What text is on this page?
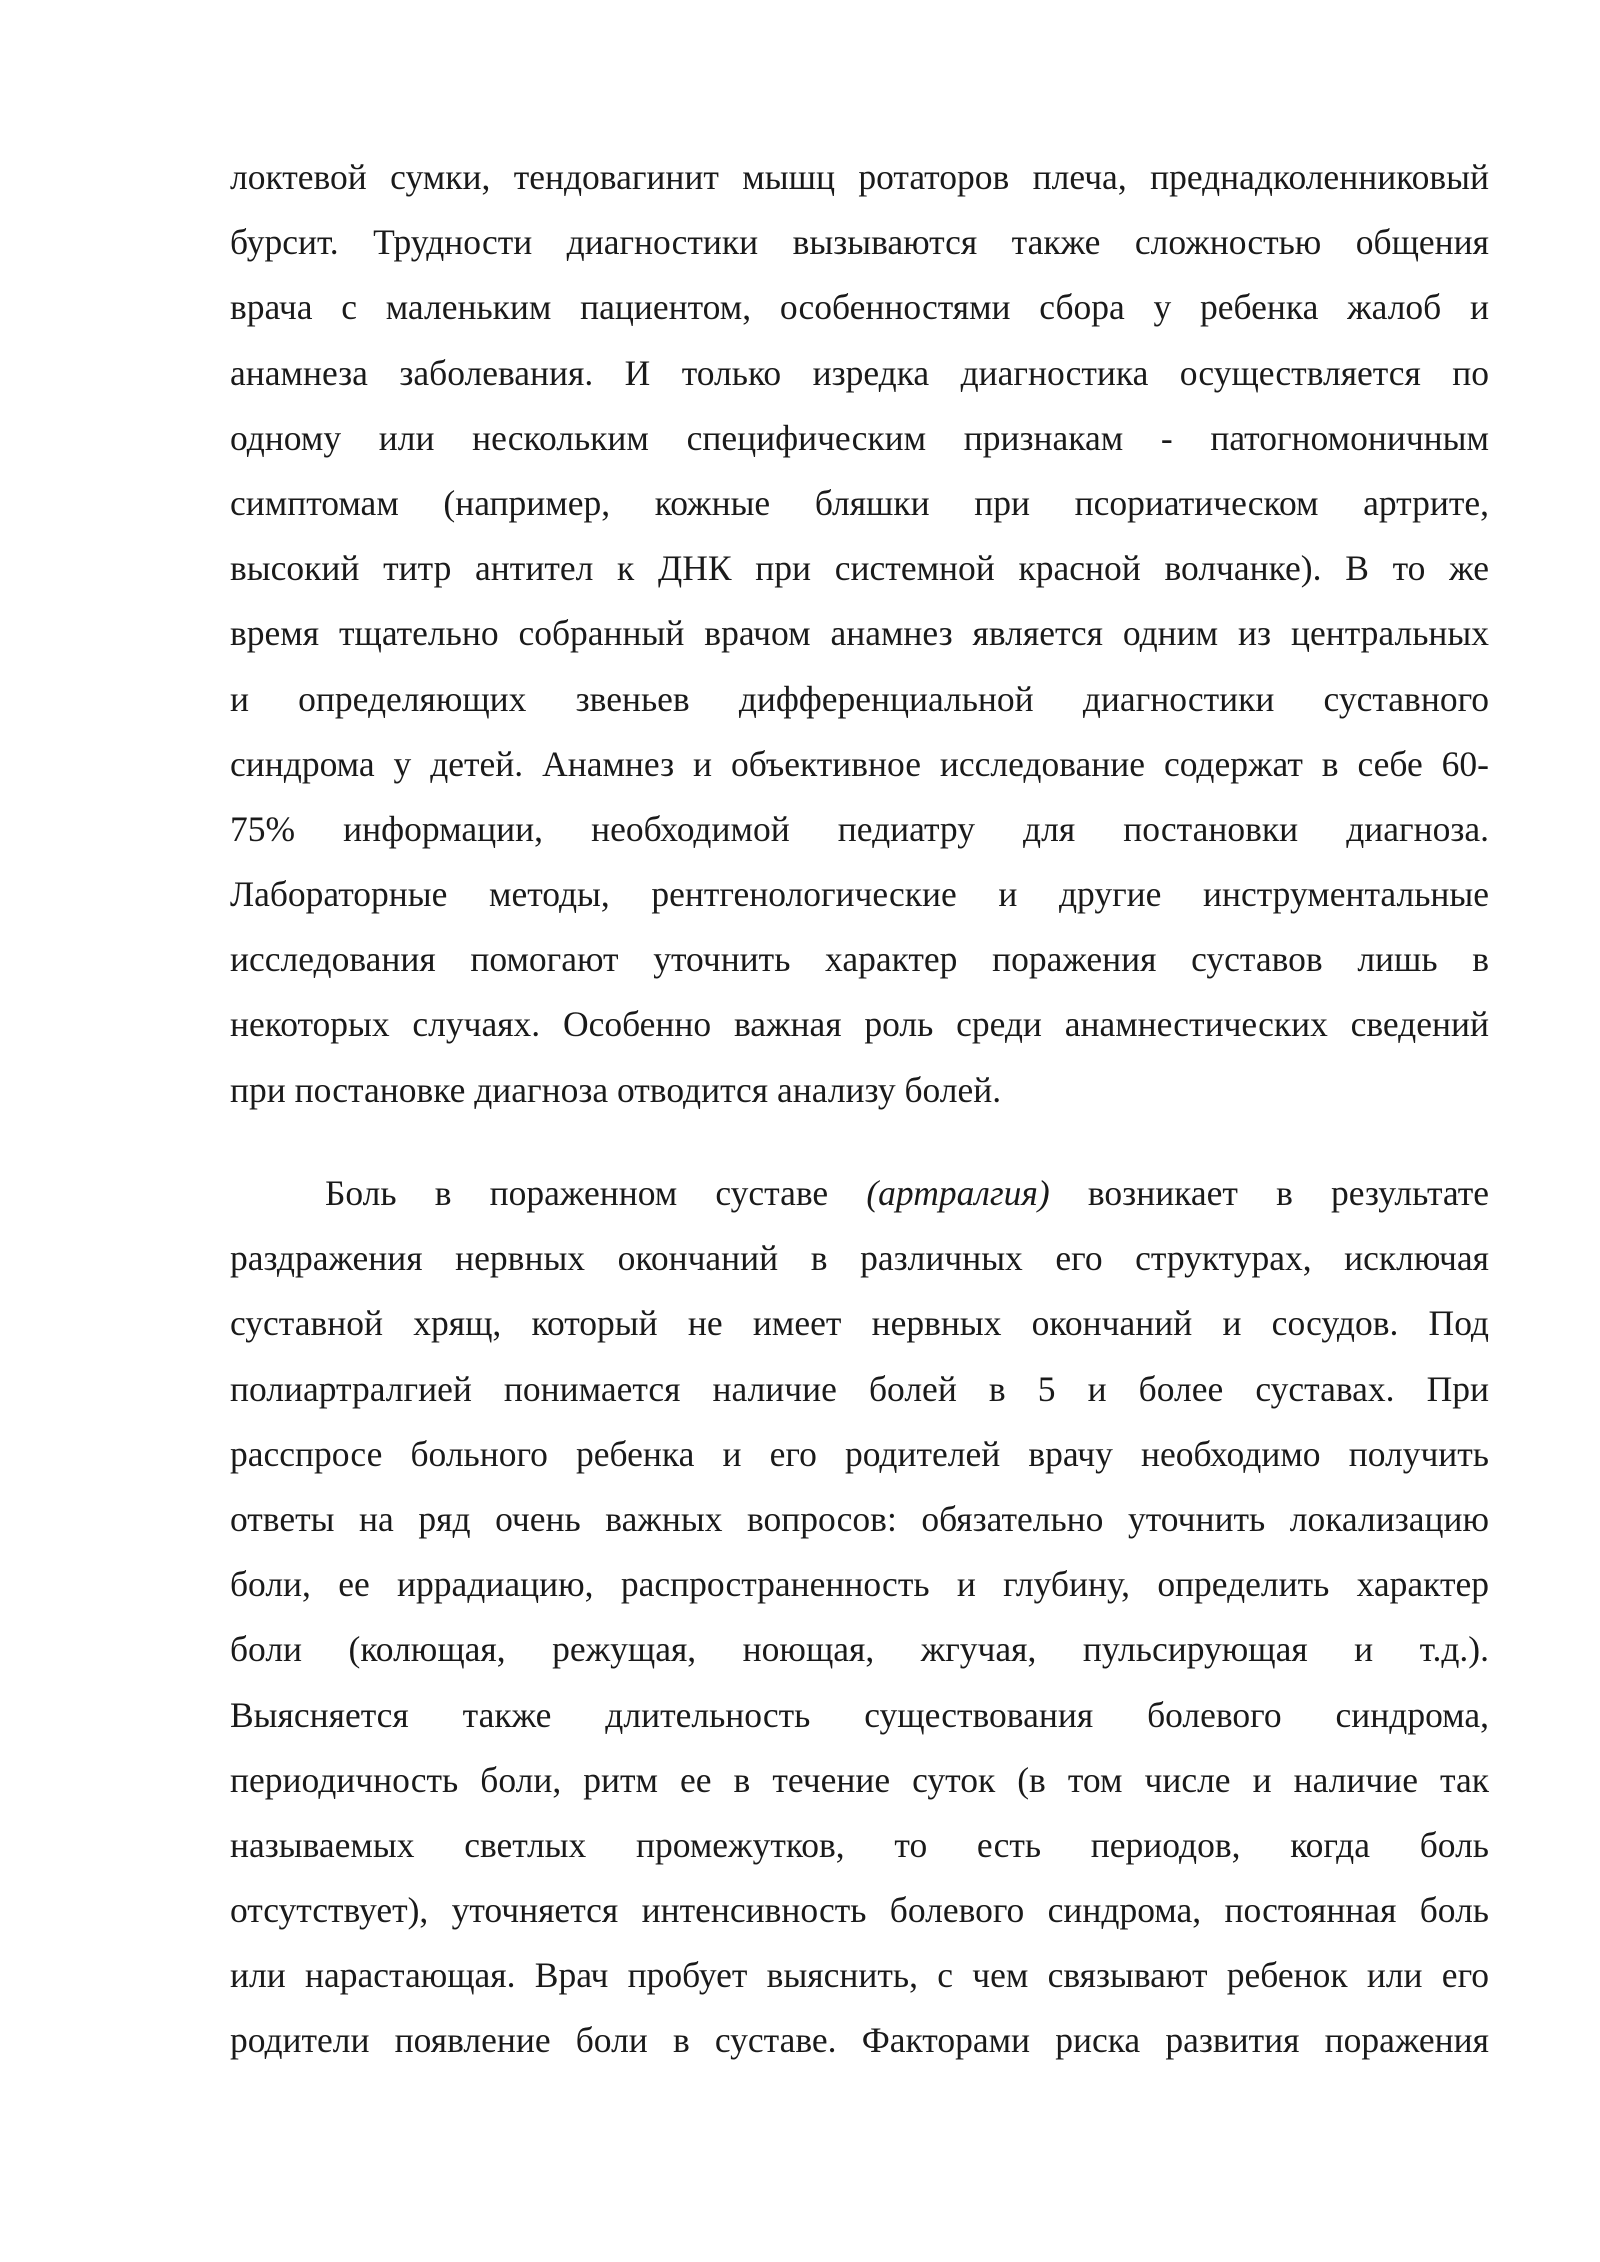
локтевой сумки, тендовагинит мышц ротаторов плеча, преднадколенниковый
бурсит. Трудности диагностики вызываются также сложностью общения
врача с маленьким пациентом, особенностями сбора у ребенка жалоб и
анамнеза заболевания. И только изредка диагностика осуществляется по
одному или нескольким специфическим признакам - патогномоничным
симптомам (например, кожные бляшки при псориатическом артрите,
высокий титр антител к ДНК при системной красной волчанке). В то же
время тщательно собранный врачом анамнез является одним из центральных
и определяющих звеньев дифференциальной диагностики суставного
синдрома у детей. Анамнез и объективное исследование содержат в себе 60-
75% информации, необходимой педиатру для постановки диагноза.
Лабораторные методы, рентгенологические и другие инструментальные
исследования помогают уточнить характер поражения суставов лишь в
некоторых случаях. Особенно важная роль среди анамнестических сведений
при постановке диагноза отводится анализу болей.
Боль в пораженном суставе (артралгия) возникает в результате
раздражения нервных окончаний в различных его структурах, исключая
суставной хрящ, который не имеет нервных окончаний и сосудов. Под
полиартралгией понимается наличие болей в 5 и более суставах. При
расспросе больного ребенка и его родителей врачу необходимо получить
ответы на ряд очень важных вопросов: обязательно уточнить локализацию
боли, ее иррадиацию, распространенность и глубину, определить характер
боли (колющая, режущая, ноющая, жгучая, пульсирующая и т.д.).
Выясняется также длительность существования болевого синдрома,
периодичность боли, ритм ее в течение суток (в том числе и наличие так
называемых светлых промежутков, то есть периодов, когда боль
отсутствует), уточняется интенсивность болевого синдрома, постоянная боль
или нарастающая. Врач пробует выяснить, с чем связывают ребенок или его
родители появление боли в суставе. Факторами риска развития поражения
